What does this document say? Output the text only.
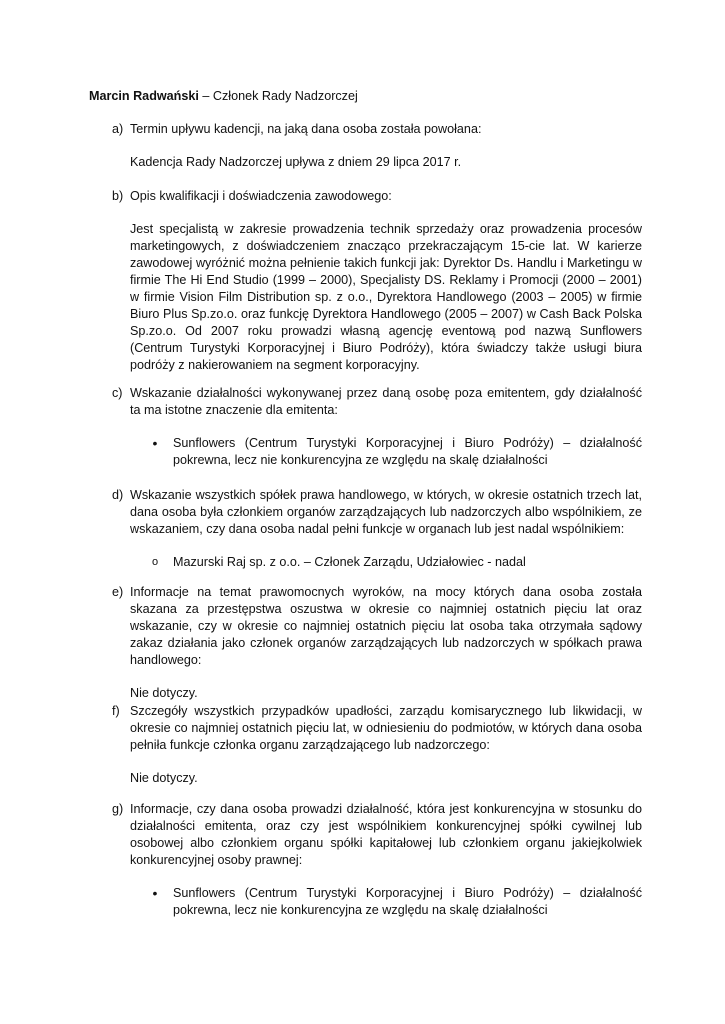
Marcin Radwański – Członek Rady Nadzorczej
a) Termin upływu kadencji, na jaką dana osoba została powołana:
Kadencja Rady Nadzorczej upływa z dniem 29 lipca 2017 r.
b) Opis kwalifikacji i doświadczenia zawodowego:
Jest specjalistą w zakresie prowadzenia technik sprzedaży oraz prowadzenia procesów marketingowych, z doświadczeniem znacząco przekraczającym 15-cie lat. W karierze zawodowej wyróżnić można pełnienie takich funkcji jak: Dyrektor Ds. Handlu i Marketingu w firmie The Hi End Studio (1999 – 2000), Specjalisty DS. Reklamy i Promocji (2000 – 2001) w firmie Vision Film Distribution sp. z o.o., Dyrektora Handlowego (2003 – 2005) w firmie Biuro Plus Sp.zo.o. oraz funkcję Dyrektora Handlowego (2005 – 2007) w Cash Back Polska Sp.zo.o. Od 2007 roku prowadzi własną agencję eventową pod nazwą Sunflowers (Centrum Turystyki Korporacyjnej i Biuro Podróży), która świadczy także usługi biura podróży z nakierowaniem na segment korporacyjny.
c) Wskazanie działalności wykonywanej przez daną osobę poza emitentem, gdy działalność ta ma istotne znaczenie dla emitenta:
• Sunflowers (Centrum Turystyki Korporacyjnej i Biuro Podróży) – działalność pokrewna, lecz nie konkurencyjna ze względu na skalę działalności
d) Wskazanie wszystkich spółek prawa handlowego, w których, w okresie ostatnich trzech lat, dana osoba była członkiem organów zarządzających lub nadzorczych albo wspólnikiem, ze wskazaniem, czy dana osoba nadal pełni funkcje w organach lub jest nadal wspólnikiem:
o Mazurski Raj sp. z o.o. – Członek Zarządu, Udziałowiec - nadal
e) Informacje na temat prawomocnych wyroków, na mocy których dana osoba została skazana za przestępstwa oszustwa w okresie co najmniej ostatnich pięciu lat oraz wskazanie, czy w okresie co najmniej ostatnich pięciu lat osoba taka otrzymała sądowy zakaz działania jako członek organów zarządzających lub nadzorczych w spółkach prawa handlowego:
Nie dotyczy.
f) Szczegóły wszystkich przypadków upadłości, zarządu komisarycznego lub likwidacji, w okresie co najmniej ostatnich pięciu lat, w odniesieniu do podmiotów, w których dana osoba pełniła funkcje członka organu zarządzającego lub nadzorczego:
Nie dotyczy.
g) Informacje, czy dana osoba prowadzi działalność, która jest konkurencyjna w stosunku do działalności emitenta, oraz czy jest wspólnikiem konkurencyjnej spółki cywilnej lub osobowej albo członkiem organu spółki kapitałowej lub członkiem organu jakiejkolwiek konkurencyjnej osoby prawnej:
• Sunflowers (Centrum Turystyki Korporacyjnej i Biuro Podróży) – działalność pokrewna, lecz nie konkurencyjna ze względu na skalę działalności
